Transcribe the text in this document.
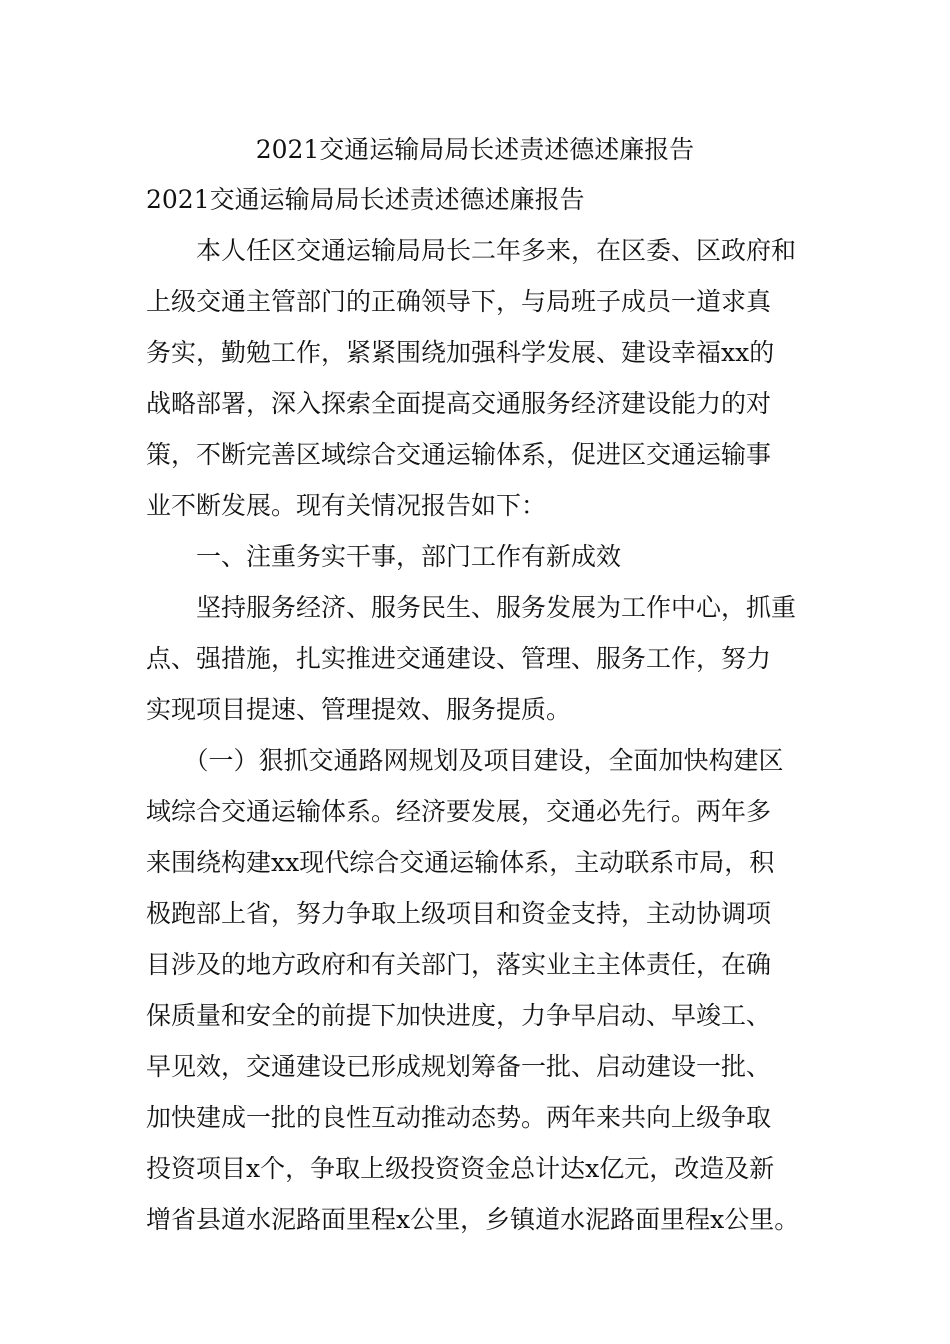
2021交通运输局局长述责述德述廉报告
2021交通运输局局长述责述德述廉报告
　　本人任区交通运输局局长二年多来，在区委、区政府和
上级交通主管部门的正确领导下，与局班子成员一道求真
务实，勤勉工作，紧紧围绕加强科学发展、建设幸福xx的
战略部署，深入探索全面提高交通服务经济建设能力的对
策，不断完善区域综合交通运输体系，促进区交通运输事
业不断发展。现有关情况报告如下：
　　一、注重务实干事，部门工作有新成效
　　坚持服务经济、服务民生、服务发展为工作中心，抓重
点、强措施，扎实推进交通建设、管理、服务工作，努力
实现项目提速、管理提效、服务提质。
　　（一）狠抓交通路网规划及项目建设，全面加快构建区
域综合交通运输体系。经济要发展，交通必先行。两年多
来围绕构建xx现代综合交通运输体系，主动联系市局，积
极跑部上省，努力争取上级项目和资金支持，主动协调项
目涉及的地方政府和有关部门，落实业主主体责任，在确
保质量和安全的前提下加快进度，力争早启动、早竣工、
早见效，交通建设已形成规划筹备一批、启动建设一批、
加快建成一批的良性互动推动态势。两年来共向上级争取
投资项目x个，争取上级投资资金总计达x亿元，改造及新
增省县道水泥路面里程x公里，乡镇道水泥路面里程x公里。
